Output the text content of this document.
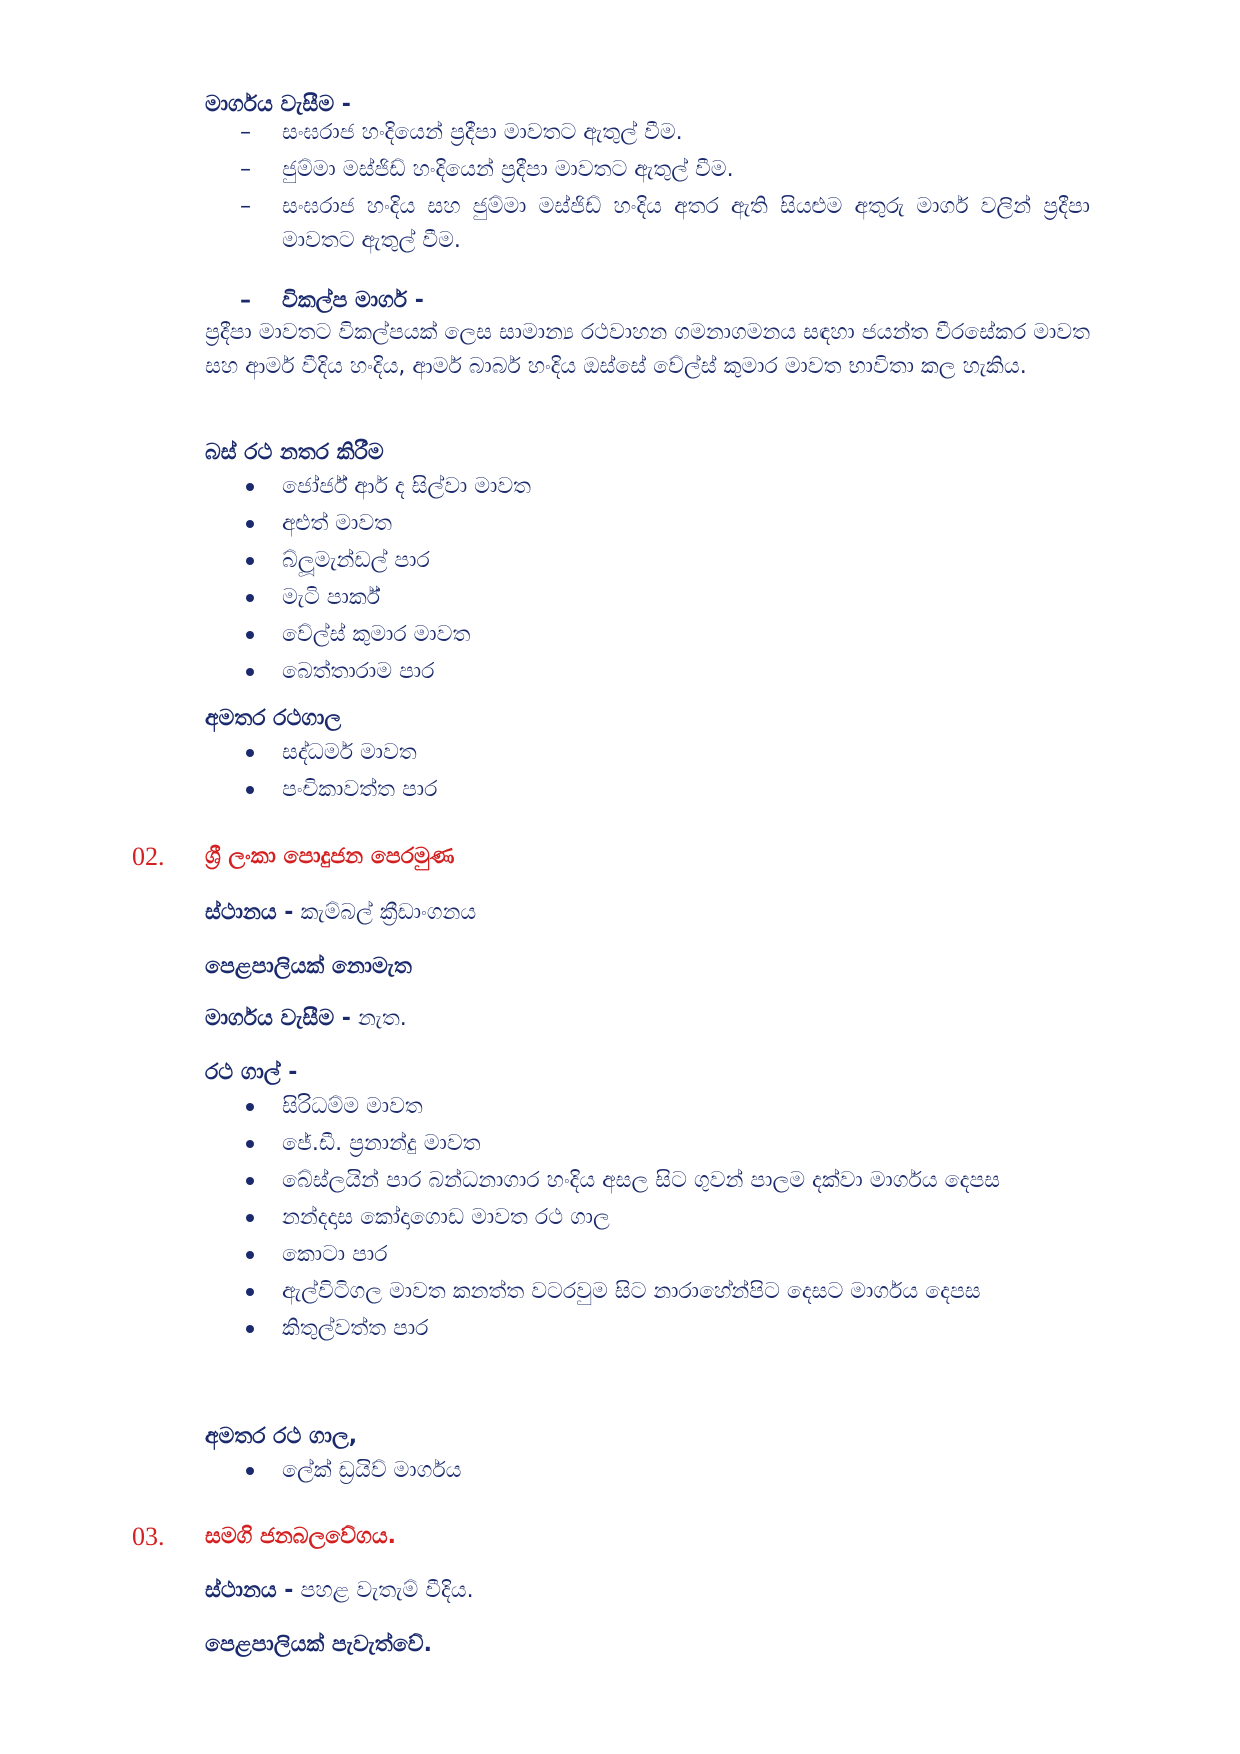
මාර්ගය වැසීම -
– සංඝරාජ හංදියෙන් ප්‍රදීපා මාවතට ඇතුල් වීම.
– ජුම්මා මස්ජිඩ් හංදියෙන් ප්‍රදීපා මාවතට ඇතුල් වීම.
– සංඝරාජ හංදිය සහ ජුම්මා මස්ජිඩ් හංදිය අතර ඇති සියළුම අතුරු මාර්ග වලින් ප්‍රදීපා මාවතට ඇතුල් වීම.
– විකල්ප මාර්ග -
ප්‍රදීපා මාවතට විකල්පයක් ලෙස සාමාන්‍ය රථවාහන ගමනාගමනය සඳහා ජයන්ත වීරසේකර මාවත සහ ආමර් වීදිය හංදිය, ආමර් බාබර් හංදිය ඔස්සේ වේල්ස් කුමාර මාවත භාවිතා කල හැකිය.
බස් රථ නතර කිරීම
ජෝර්ජ් ආර් ද සිල්වා මාවත
අළුත් මාවත
බ්ලූමැන්ඩල් පාර
මැටි පාර්ක්
වේල්ස් කුමාර මාවත
බෙත්තාරාම පාර
අමතර රථගාල
සද්ධර්ම මාවත
පංචිකාවත්ත පාර
02. ශ්‍රී ලංකා පොදුජන පෙරමුණ
ස්ථානය - කැම්බල් ක්‍රීඩාංගනය
පෙළපාලියක් නොමැත
මාර්ගය වැසීම - නැත.
රථ ගාල් -
සිරිධම්ම මාවත
ජේ.ඩී. ප්‍රනාන්දු මාවත
බේස්ලයින් පාර බන්ධනාගාර හංදිය අසල සිට ගුවන් පාලම දක්වා මාර්ගය දෙපස
නන්දදාස කෝදාගොඩ මාවත රථ ගාල
කොටා පාර
ඇල්විටිගල මාවත කනත්ත වටරවුම සිට නාරාහේන්පිට දෙසට මාර්ගය දෙපස
කිතුල්වත්ත පාර
අමතර රථ ගාල,
ලේක් ඩ්‍රයිව් මාර්ගය
03. සමගි ජනබලවේගය.
ස්ථානය - පහළ වැතැම් වීදිය.
පෙළපාලියක් පැවැත්වේ.
